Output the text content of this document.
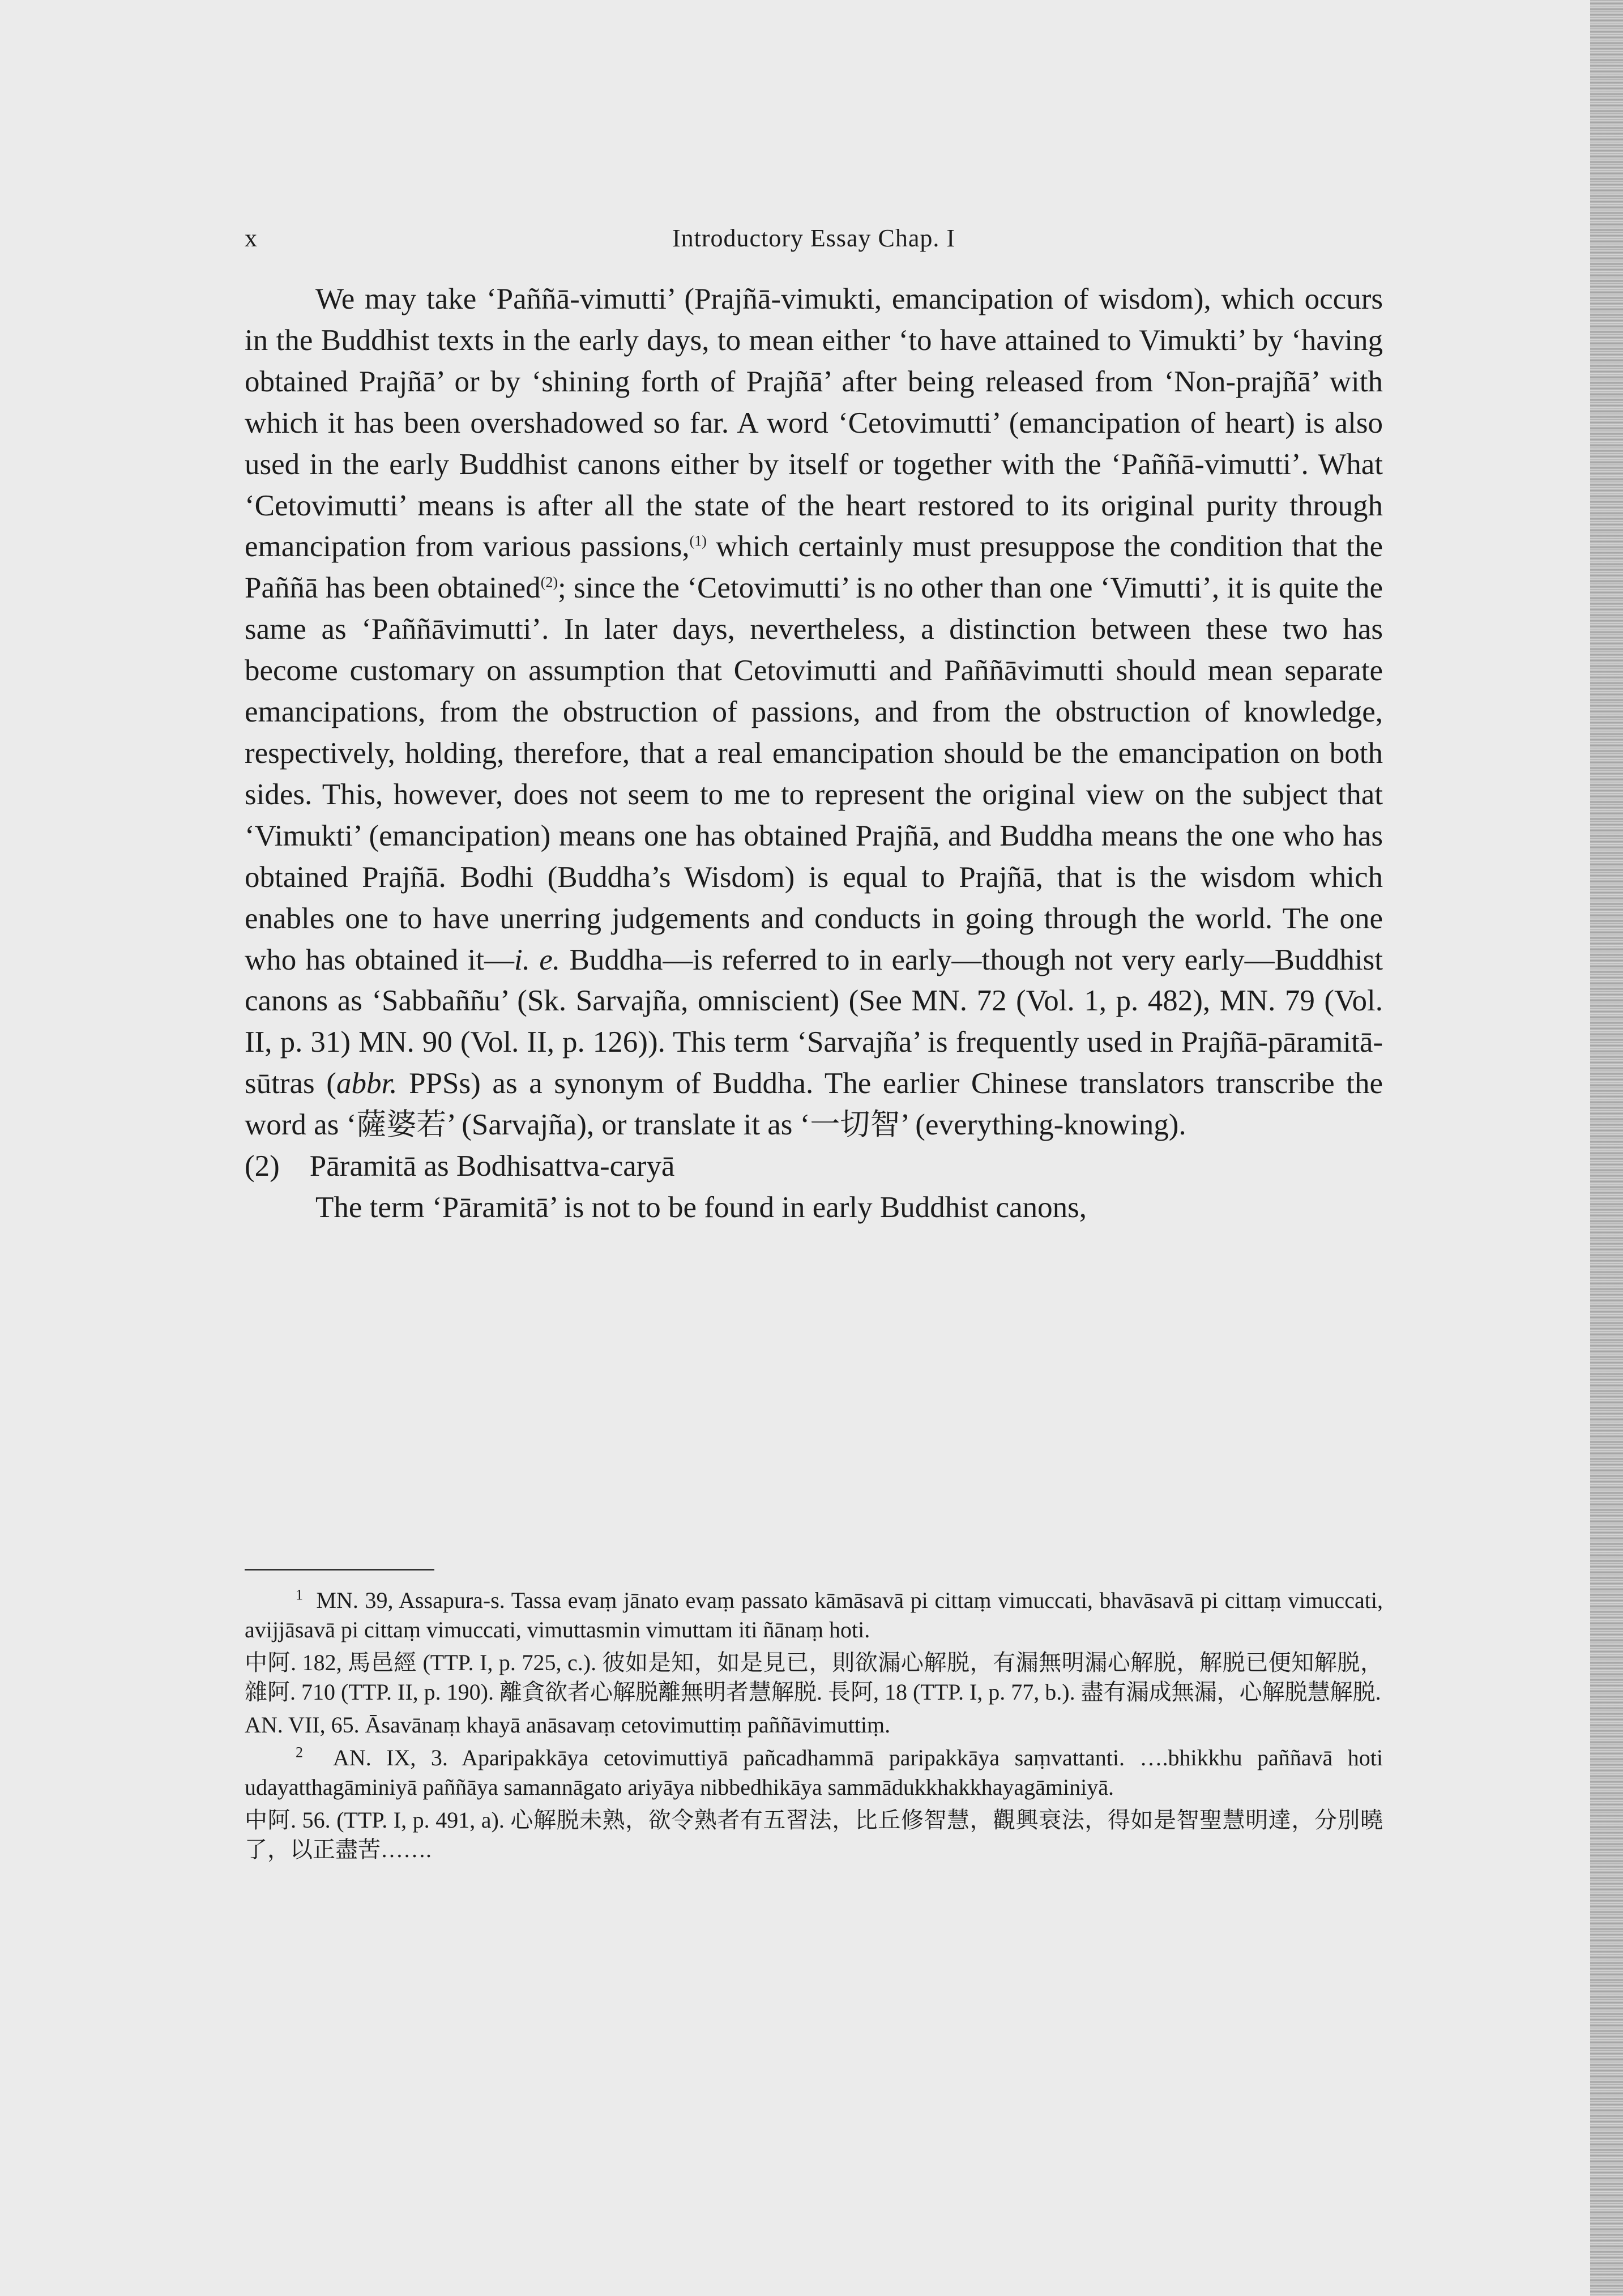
x	Introductory Essay Chap. I

We may take ‘Paññā-vimutti’ (Prajñā-vimukti, emancipation of wisdom), which occurs in the Buddhist texts in the early days, to mean either ‘to have attained to Vimukti’ by ‘having obtained Prajñā’ or by ‘shining forth of Prajñā’ after being released from ‘Non-prajñā’ with which it has been overshadowed so far. A word ‘Cetovimutti’ (emancipation of heart) is also used in the early Buddhist canons either by itself or together with the ‘Paññā-vimutti’. What ‘Cetovimutti’ means is after all the state of the heart restored to its original purity through emancipation from various passions,$^{(1)}$ which certainly must presuppose the condition that the Paññā has been obtained$^{(2)}$; since the ‘Cetovimutti’ is no other than one ‘Vimutti’, it is quite the same as ‘Paññāvimutti’. In later days, nevertheless, a distinction between these two has become customary on assumption that Cetovimutti and Paññāvimutti should mean separate emancipations, from the obstruction of passions, and from the obstruction of knowledge, respectively, holding, therefore, that a real emancipation should be the emancipation on both sides. This, however, does not seem to me to represent the original view on the subject that ‘Vimukti’ (emancipation) means one has obtained Prajñā, and Buddha means the one who has obtained Prajñā. Bodhi (Buddha’s Wisdom) is equal to Prajñā, that is the wisdom which enables one to have unerring judgements and conducts in going through the world. The one who has obtained it—i. e. Buddha—is referred to in early—though not very early—Buddhist canons as ‘Sabbaññu’ (Sk. Sarvajña, omniscient) (See MN. 72 (Vol. 1, p. 482), MN. 79 (Vol. II, p. 31) MN. 90 (Vol. II, p. 126)). This term ‘Sarvajña’ is frequently used in Prajñā-pāramitā-sūtras (abbr. PPSs) as a synonym of Buddha. The earlier Chinese translators transcribe the word as ‘薩婆若’ (Sarvajña), or translate it as ‘一切智’ (everything-knowing).

(2) Pāramitā as Bodhisattva-caryā

The term ‘Pāramitā’ is not to be found in early Buddhist canons,

$^1$ MN. 39, Assapura-s. Tassa evaṃ jānato evaṃ passato kāmāsavā pi cittaṃ vimuccati, bhavāsavā pi cittaṃ vimuccati, avijjāsavā pi cittaṃ vimuccati, vimuttasmin vimuttam iti ñānaṃ hoti.

中阿. 182, 馬邑經 (TTP. I, p. 725, c.). 彼如是知，如是見已，則欲漏心解脱，有漏無明漏心解脱，解脱已便知解脱，雜阿. 710 (TTP. II, p. 190). 離貪欲者心解脱離無明者慧解脱. 長阿, 18 (TTP. I, p. 77, b.). 盡有漏成無漏，心解脱慧解脱.

AN. VII, 65. Āsavānaṃ khayā anāsavaṃ cetovimuttiṃ paññāvimuttiṃ.

$^2$ AN. IX, 3. Aparipakkāya cetovimuttiyā pañcadhammā paripakkāya saṃvattanti. ….bhikkhu paññavā hoti udayatthagāminiyā paññāya samannāgato ariyāya nibbedhikāya sammādukkhakkhayagāminiyā.

中阿. 56. (TTP. I, p. 491, a). 心解脱未熟，欲令熟者有五習法，比丘修智慧，觀興衰法，得如是智聖慧明達，分別曉了，以正盡苦…….
